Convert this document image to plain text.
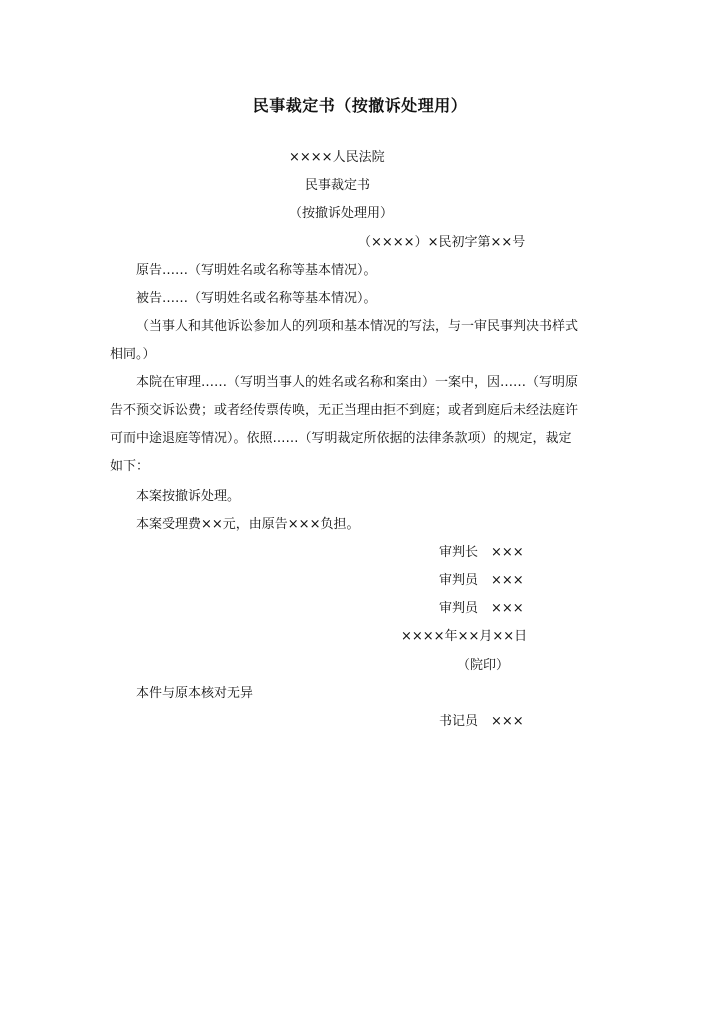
民事裁定书（按撤诉处理用）
××××人民法院
民事裁定书
（按撤诉处理用）
（××××）×民初字第××号
原告……（写明姓名或名称等基本情况）。
被告……（写明姓名或名称等基本情况）。
（当事人和其他诉讼参加人的列项和基本情况的写法，与一审民事判决书样式相同。）
本院在审理……（写明当事人的姓名或名称和案由）一案中，因……（写明原告不预交诉讼费；或者经传票传唤，无正当理由拒不到庭；或者到庭后未经法庭许可而中途退庭等情况）。依照……（写明裁定所依据的法律条款项）的规定，裁定如下：
本案按撤诉处理。
本案受理费××元，由原告×××负担。
审判长　×××
审判员　×××
审判员　×××
××××年××月××日
（院印）
本件与原本核对无异
书记员　×××
